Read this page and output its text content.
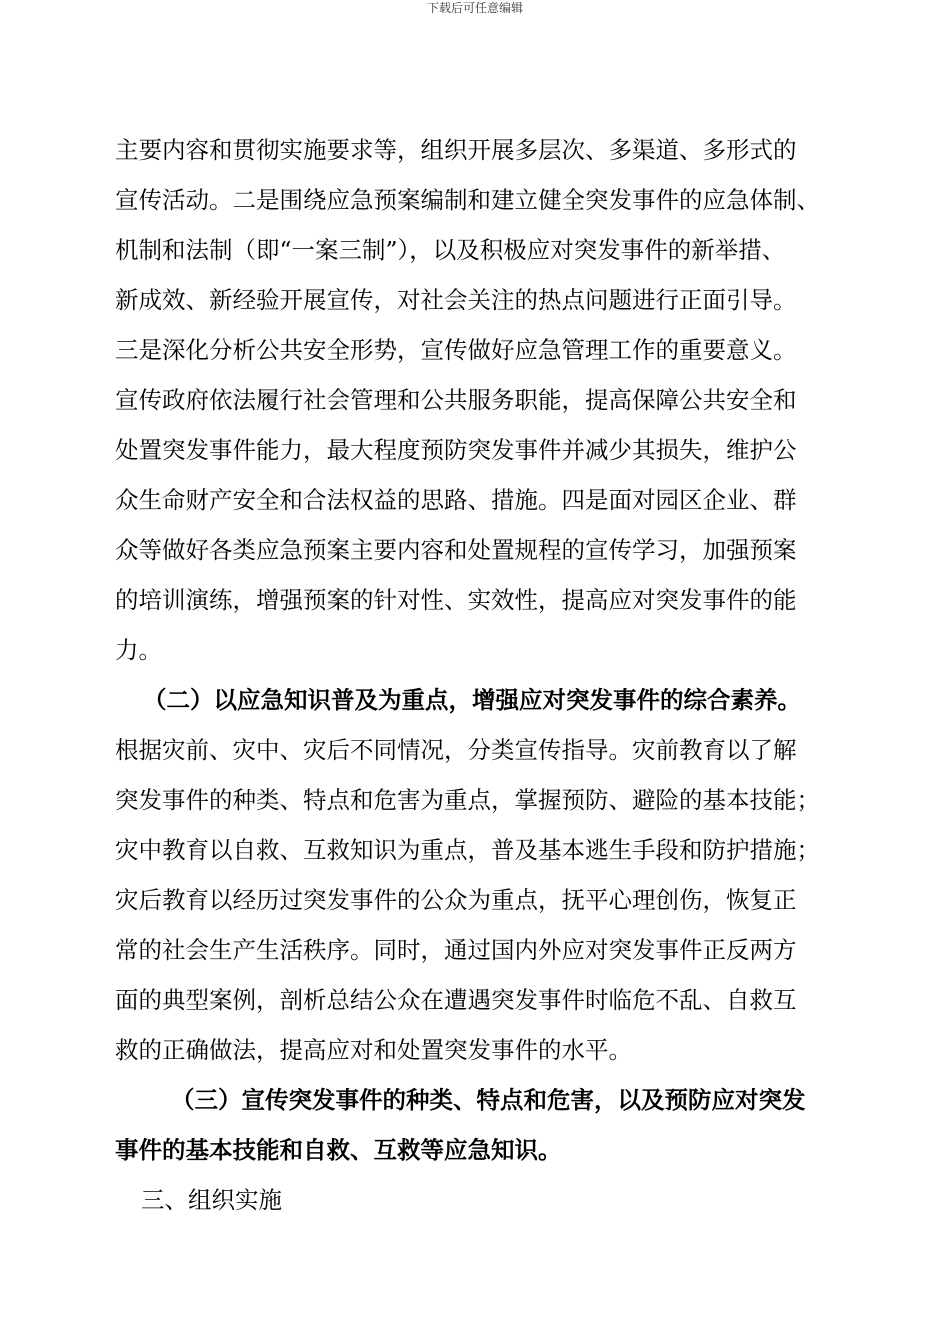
下载后可任意编辑
主要内容和贯彻实施要求等，组织开展多层次、多渠道、多形式的
宣传活动。二是围绕应急预案编制和建立健全突发事件的应急体制、
机制和法制（即“一案三制”），以及积极应对突发事件的新举措、
新成效、新经验开展宣传，对社会关注的热点问题进行正面引导。
三是深化分析公共安全形势，宣传做好应急管理工作的重要意义。
宣传政府依法履行社会管理和公共服务职能，提高保障公共安全和
处置突发事件能力，最大程度预防突发事件并减少其损失，维护公
众生命财产安全和合法权益的思路、措施。四是面对园区企业、群
众等做好各类应急预案主要内容和处置规程的宣传学习，加强预案
的培训演练，增强预案的针对性、实效性，提高应对突发事件的能
力。
（二）以应急知识普及为重点，增强应对突发事件的综合素养。
根据灾前、灾中、灾后不同情况，分类宣传指导。灾前教育以了解
突发事件的种类、特点和危害为重点，掌握预防、避险的基本技能；
灾中教育以自救、互救知识为重点，普及基本逃生手段和防护措施；
灾后教育以经历过突发事件的公众为重点，抚平心理创伤，恢复正
常的社会生产生活秩序。同时，通过国内外应对突发事件正反两方
面的典型案例，剖析总结公众在遭遇突发事件时临危不乱、自救互
救的正确做法，提高应对和处置突发事件的水平。
（三）宣传突发事件的种类、特点和危害，以及预防应对突发
事件的基本技能和自救、互救等应急知识。
三、组织实施
